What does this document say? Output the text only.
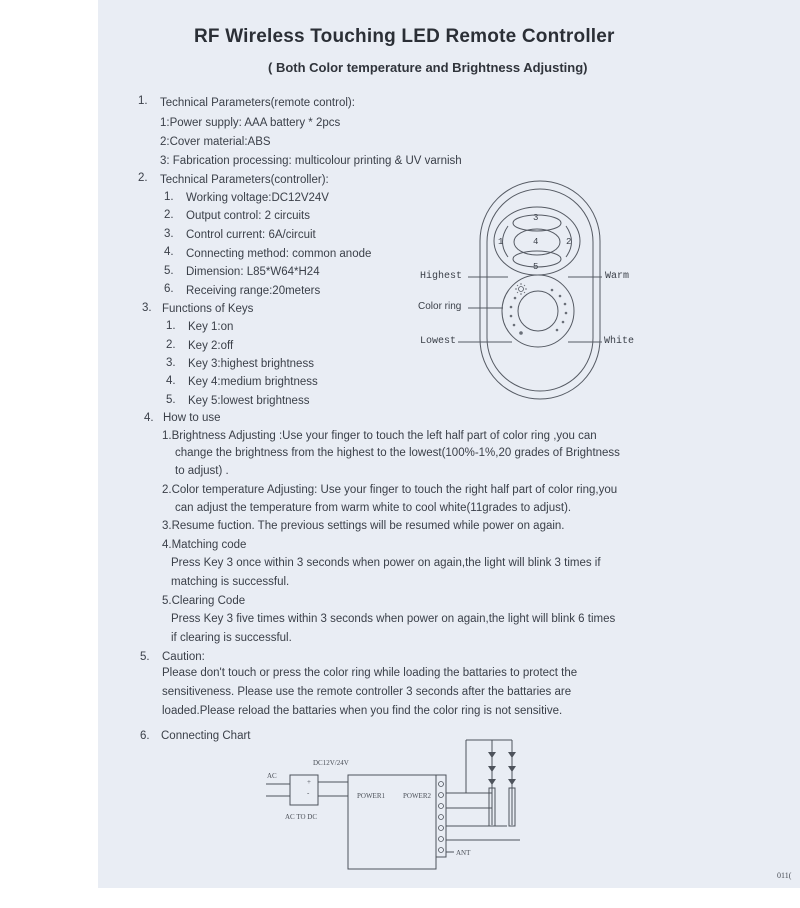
RF Wireless Touching LED Remote Controller
( Both Color temperature and Brightness Adjusting)
1. Technical Parameters(remote control):
1:Power supply: AAA battery * 2pcs
2:Cover material:ABS
3: Fabrication processing: multicolour printing & UV varnish
2. Technical Parameters(controller):
1. Working voltage:DC12V24V
2. Output control: 2 circuits
3. Control current: 6A/circuit
4. Connecting method: common anode
5. Dimension: L85*W64*H24
6. Receiving range:20meters
3. Functions of Keys
1. Key 1:on
2. Key 2:off
3. Key 3:highest brightness
4. Key 4:medium brightness
5. Key 5:lowest brightness
4. How to use
1.Brightness Adjusting :Use your finger to touch the left half part of color ring ,you can
change the brightness from the highest to the lowest(100%-1%,20 grades of Brightness
to adjust) .
2.Color temperature Adjusting: Use your finger to touch the right half part of color ring,you
can adjust the temperature from warm white to cool white(11grades to adjust).
3.Resume fuction. The previous settings will be resumed while power on again.
4.Matching code
Press Key 3 once within 3 seconds when power on again,the light will blink 3 times if
matching is successful.
5.Clearing Code
Press Key 3 five times within 3 seconds when power on again,the light will blink 6 times
if clearing is successful.
5. Caution:
Please don't touch or press the color ring while loading the battaries to protect the
sensitiveness. Please use the remote controller 3 seconds after the battaries are
loaded.Please reload the battaries when you find the color ring is not sensitive.
6. Connecting Chart
3
4
5
1	2
Highest	Warm
Color ring
Lowest	White
DC12V/24V
AC
AC TO DC
+
-	POWER1	POWER2
ANT
011(
